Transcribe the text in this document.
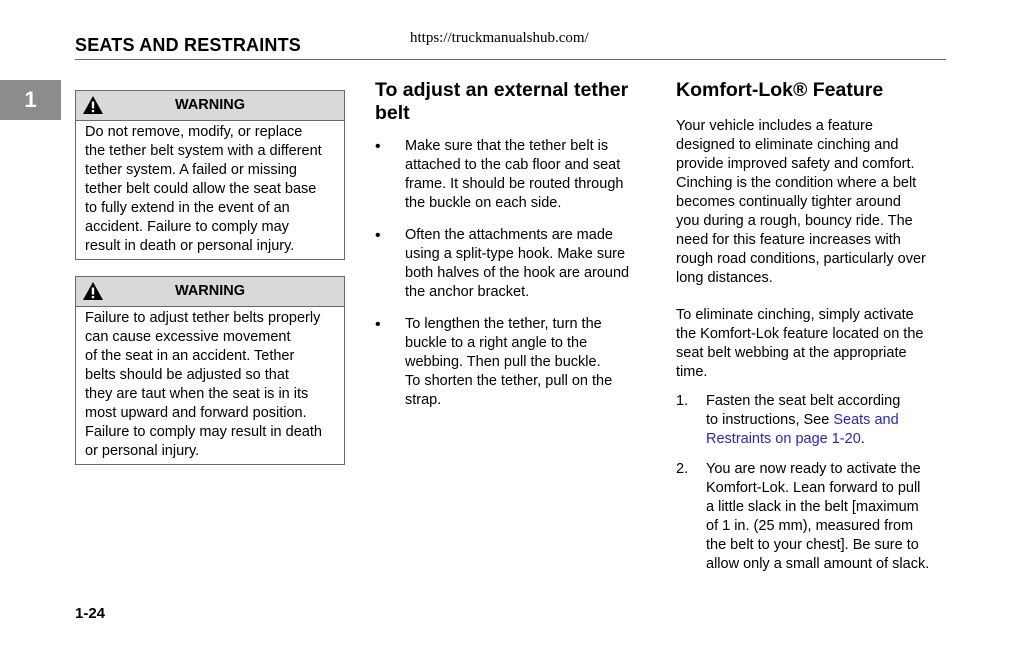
SEATS AND RESTRAINTS	https://truckmanualshub.com/
1	WARNING
Do not remove, modify, or replace
the tether belt system with a different
tether system. A failed or missing
tether belt could allow the seat base
to fully extend in the event of an
accident. Failure to comply may
result in death or personal injury.
WARNING
Failure to adjust tether belts properly
can cause excessive movement
of the seat in an accident. Tether
belts should be adjusted so that
they are taut when the seat is in its
most upward and forward position.
Failure to comply may result in death
or personal injury.
To adjust an external tether
belt
• Make sure that the tether belt is
attached to the cab floor and seat
frame. It should be routed through
the buckle on each side.
• Often the attachments are made
using a split-type hook. Make sure
both halves of the hook are around
the anchor bracket.
• To lengthen the tether, turn the
buckle to a right angle to the
webbing. Then pull the buckle.
To shorten the tether, pull on the
strap.
Komfort-Lok® Feature
Your vehicle includes a feature
designed to eliminate cinching and
provide improved safety and comfort.
Cinching is the condition where a belt
becomes continually tighter around
you during a rough, bouncy ride. The
need for this feature increases with
rough road conditions, particularly over
long distances.
To eliminate cinching, simply activate
the Komfort-Lok feature located on the
seat belt webbing at the appropriate
time.
1. Fasten the seat belt according
to instructions, See Seats and
Restraints on page 1-20.
2. You are now ready to activate the
Komfort-Lok. Lean forward to pull
a little slack in the belt [maximum
of 1 in. (25 mm), measured from
the belt to your chest]. Be sure to
allow only a small amount of slack.
1-24
